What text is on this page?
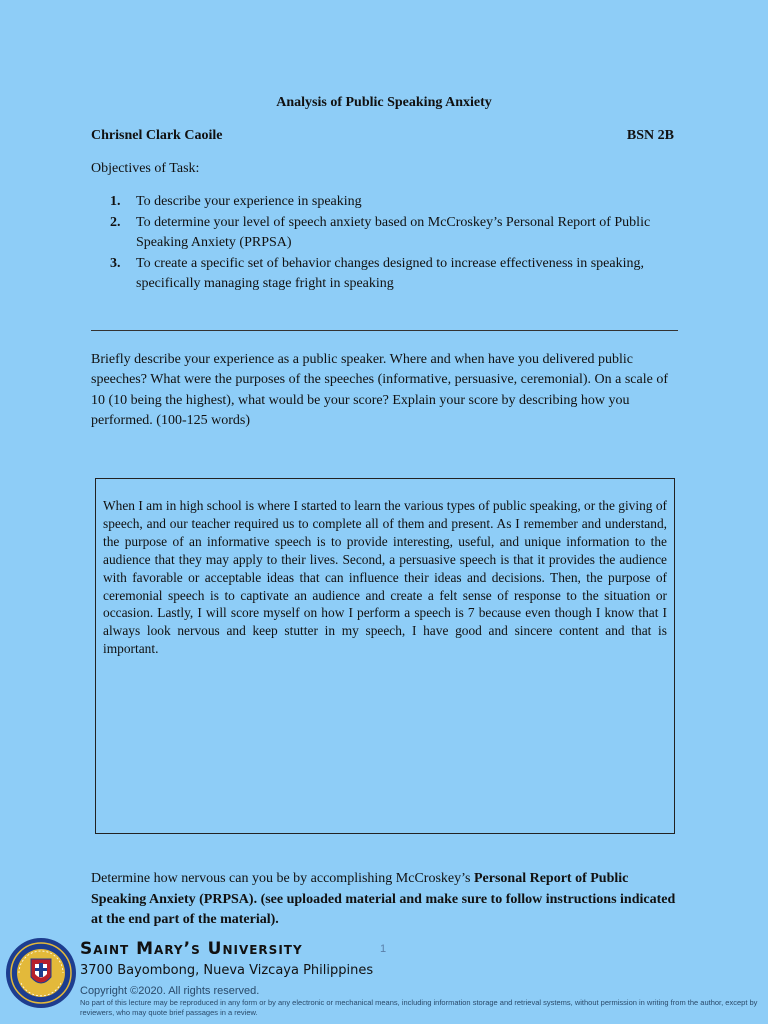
Analysis of Public Speaking Anxiety
Chrisnel Clark Caoile	BSN 2B
Objectives of Task:
1.	To describe your experience in speaking
2.	To determine your level of speech anxiety based on McCroskey’s Personal Report of Public Speaking Anxiety (PRPSA)
3.	To create a specific set of behavior changes designed to increase effectiveness in speaking, specifically managing stage fright in speaking
Briefly describe your experience as a public speaker. Where and when have you delivered public speeches? What were the purposes of the speeches (informative, persuasive, ceremonial). On a scale of 10 (10 being the highest), what would be your score? Explain your score by describing how you performed. (100-125 words)
When I am in high school is where I started to learn the various types of public speaking, or the giving of speech, and our teacher required us to complete all of them and present. As I remember and understand, the purpose of an informative speech is to provide interesting, useful, and unique information to the audience that they may apply to their lives. Second, a persuasive speech is that it provides the audience with favorable or acceptable ideas that can influence their ideas and decisions. Then, the purpose of ceremonial speech is to captivate an audience and create a felt sense of response to the situation or occasion. Lastly, I will score myself on how I perform a speech is 7 because even though I know that I always look nervous and keep stutter in my speech, I have good and sincere content and that is important.
Determine how nervous can you be by accomplishing McCroskey’s Personal Report of Public Speaking Anxiety (PRPSA). (see uploaded material and make sure to follow instructions indicated at the end part of the material).
Saint Mary’s University
3700 Bayombong, Nueva Vizcaya Philippines
1
Copyright ©2020. All rights reserved.
No part of this lecture may be reproduced in any form or by any electronic or mechanical means, including information storage and retrieval systems, without permission in writing from the author, except by reviewers, who may quote brief passages in a review.
